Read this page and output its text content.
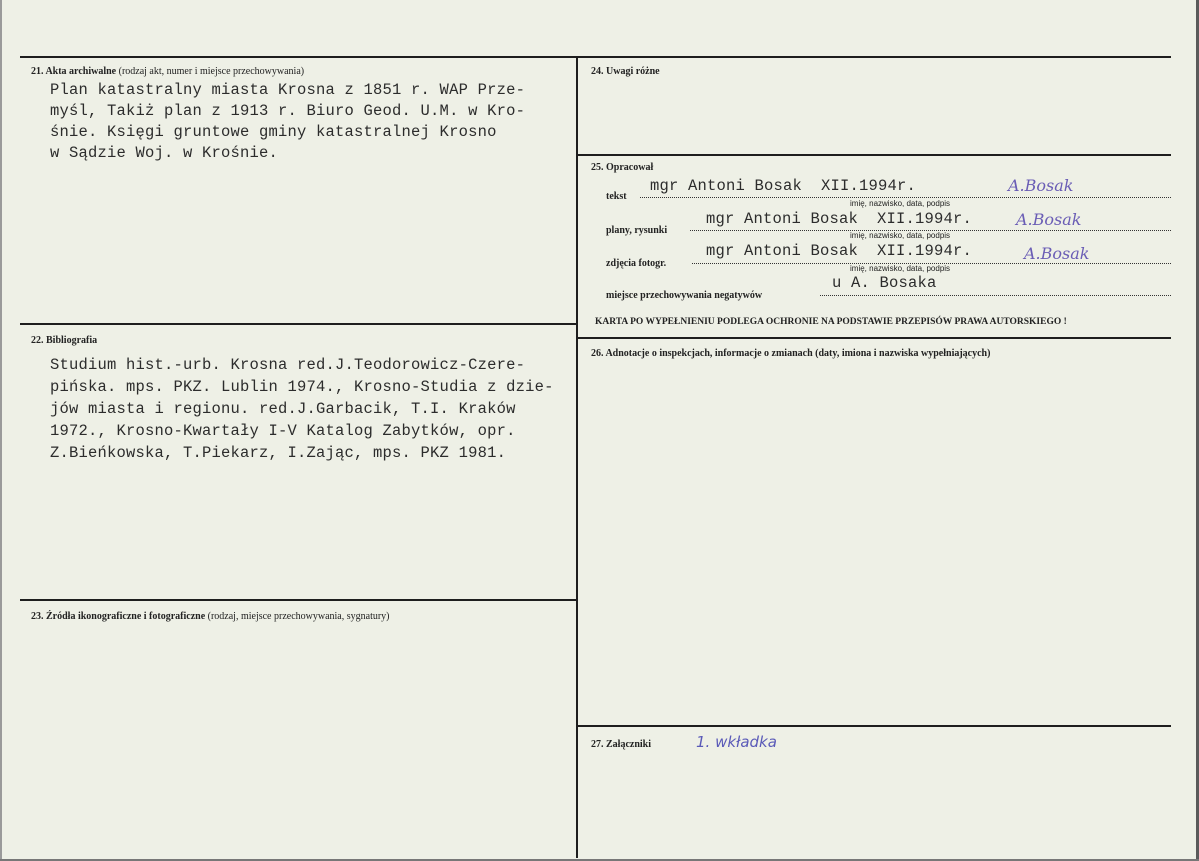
21. Akta archiwalne (rodzaj akt, numer i miejsce przechowywania)
Plan katastralny miasta Krosna z 1851 r. WAP Prze-
myśl, Takiż plan z 1913 r. Biuro Geod. U.M. w Kro-
śnie. Księgi gruntowe gminy katastralnej Krosno
w Sądzie Woj. w Krośnie.
22. Bibliografia
Studium hist.-urb. Krosna red.J.Teodorowicz-Czere-
pińska. mps. PKZ. Lublin 1974., Krosno-Studia z dzie-
jów miasta i regionu. red.J.Garbacik, T.I. Kraków
1972., Krosno-Kwartały I-V Katalog Zabytków, opr.
Z.Bieńkowska, T.Piekarz, I.Zając, mps. PKZ 1981.
23. Źródła ikonograficzne i fotograficzne (rodzaj, miejsce przechowywania, sygnatury)
24. Uwagi różne
25. Opracował
tekst
mgr Antoni Bosak  XII.1994r.
imię, nazwisko, data, podpis
A.Bosak
plany, rysunki
mgr Antoni Bosak  XII.1994r.
imię, nazwisko, data, podpis
A.Bosak
zdjęcia fotogr.
mgr Antoni Bosak  XII.1994r.
imię, nazwisko, data, podpis
A.Bosak
miejsce przechowywania negatywów
u A. Bosaka
KARTA PO WYPEŁNIENIU PODLEGA OCHRONIE NA PODSTAWIE PRZEPISÓW PRAWA AUTORSKIEGO !
26. Adnotacje o inspekcjach, informacje o zmianach (daty, imiona i nazwiska wypełniających)
27. Załączniki	1. wkładka
